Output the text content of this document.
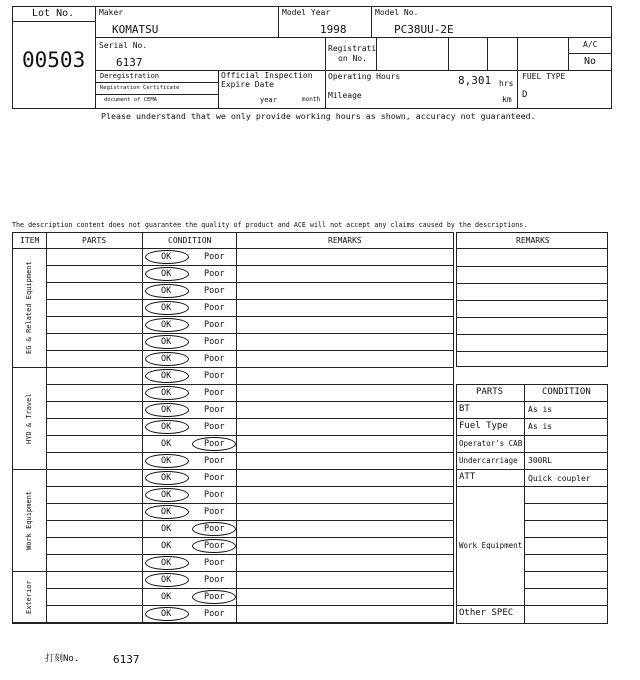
Lot No.
00503
Maker
KOMATSU
Model Year
1998
Model No.
PC38UU-2E
Serial No.
6137
Registrati
on No.
A/C
No
Deregistration
Registration Certificate
document of CEMA
Official Inspection
Expire Date
year	month
Operating Hours	8,301 hrs
Mileage	km
FUEL TYPE
D
Please understand that we only provide working hours as shown, accuracy not guaranteed.
The description content does not guarantee the quality of product and ACE will not accept any claims caused by the descriptions.
ITEM	PARTS	CONDITION	REMARKS
OK	Poor
OK	Poor
OK	Poor
OK	Poor
OK	Poor
OK	Poor
OK	Poor
EG & Related Equipment
OK	Poor
OK	Poor
OK	Poor
OK	Poor
OK	Poor
OK	Poor
HYD & Travel
OK	Poor
OK	Poor
OK	Poor
OK	Poor
OK	Poor
OK	Poor
Work Equipment
OK	Poor
OK	Poor
OK	Poor
Exterior
REMARKS
PARTS	CONDITION
BT	As is
Fuel Type	As is
Operator's CAB
Undercarriage 300RL
ATT	Quick coupler
Work Equipment
Other SPEC
打刻No.	6137
